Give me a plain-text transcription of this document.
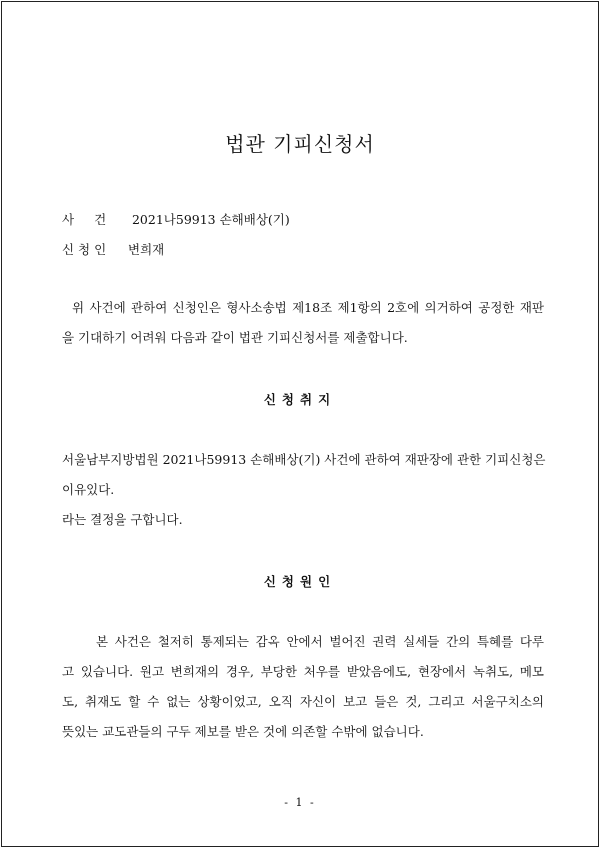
법관 기피신청서
사 건 2021나59913 손해배상(기)
신 청 인 변희재
위 사건에 관하여 신청인은 형사소송법 제18조 제1항의 2호에 의거하여 공정한 재판
을 기대하기 어려워 다음과 같이 법관 기피신청서를 제출합니다.
신청취지
서울남부지방법원 2021나59913 손해배상(기) 사건에 관하여 재판장에 관한 기피신청은
이유있다.
라는 결정을 구합니다.
신청원인
본 사건은 철저히 통제되는 감옥 안에서 벌어진 권력 실세들 간의 특혜를 다루
고 있습니다. 원고 변희재의 경우, 부당한 처우를 받았음에도, 현장에서 녹취도, 메모
도, 취재도 할 수 없는 상황이었고, 오직 자신이 보고 들은 것, 그리고 서울구치소의
뜻있는 교도관들의 구두 제보를 받은 것에 의존할 수밖에 없습니다.
- 1 -
